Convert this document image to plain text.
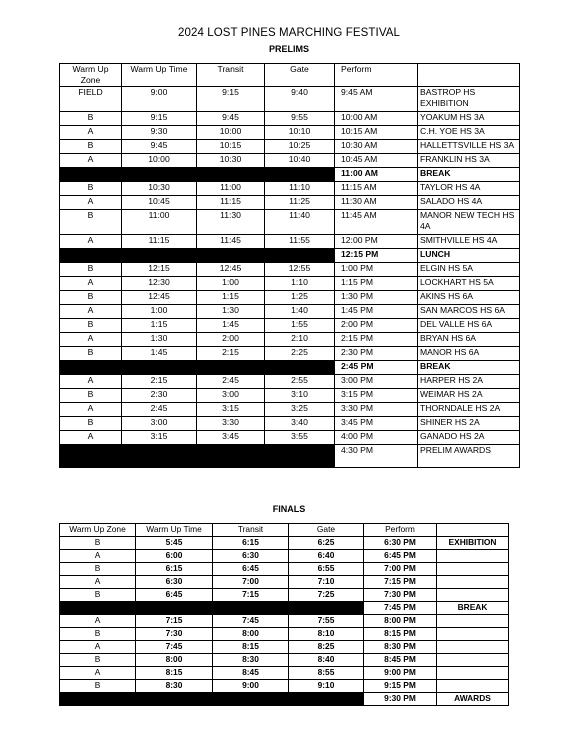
2024 LOST PINES MARCHING FESTIVAL
PRELIMS
Warm Up Zone	Warm Up Time	Transit	Gate	Perform	
FIELD	9:00	9:15	9:40	9:45 AM	BASTROP HS EXHIBITION
B	9:15	9:45	9:55	10:00 AM	YOAKUM HS 3A
A	9:30	10:00	10:10	10:15 AM	C.H. YOE HS 3A
B	9:45	10:15	10:25	10:30 AM	HALLETTSVILLE HS 3A
A	10:00	10:30	10:40	10:45 AM	FRANKLIN HS 3A
				11:00 AM	BREAK
B	10:30	11:00	11:10	11:15 AM	TAYLOR HS 4A
A	10:45	11:15	11:25	11:30 AM	SALADO HS 4A
B	11:00	11:30	11:40	11:45 AM	MANOR NEW TECH HS 4A
A	11:15	11:45	11:55	12:00 PM	SMITHVILLE HS 4A
				12:15 PM	LUNCH
B	12:15	12:45	12:55	1:00 PM	ELGIN HS 5A
A	12:30	1:00	1:10	1:15 PM	LOCKHART HS 5A
B	12:45	1:15	1:25	1:30 PM	AKINS HS 6A
A	1:00	1:30	1:40	1:45 PM	SAN MARCOS HS 6A
B	1:15	1:45	1:55	2:00 PM	DEL VALLE HS 6A
A	1:30	2:00	2:10	2:15 PM	BRYAN HS 6A
B	1:45	2:15	2:25	2:30 PM	MANOR HS 6A
				2:45 PM	BREAK
A	2:15	2:45	2:55	3:00 PM	HARPER HS 2A
B	2:30	3:00	3:10	3:15 PM	WEIMAR HS 2A
A	2:45	3:15	3:25	3:30 PM	THORNDALE HS 2A
B	3:00	3:30	3:40	3:45 PM	SHINER HS 2A
A	3:15	3:45	3:55	4:00 PM	GANADO HS 2A
				4:30 PM	PRELIM AWARDS
FINALS
Warm Up Zone	Warm Up Time	Transit	Gate	Perform	
B	5:45	6:15	6:25	6:30 PM	EXHIBITION
A	6:00	6:30	6:40	6:45 PM	
B	6:15	6:45	6:55	7:00 PM	
A	6:30	7:00	7:10	7:15 PM	
B	6:45	7:15	7:25	7:30 PM	
				7:45 PM	BREAK
A	7:15	7:45	7:55	8:00 PM	
B	7:30	8:00	8:10	8:15 PM	
A	7:45	8:15	8:25	8:30 PM	
B	8:00	8:30	8:40	8:45 PM	
A	8:15	8:45	8:55	9:00 PM	
B	8:30	9:00	9:10	9:15 PM	
				9:30 PM	AWARDS
